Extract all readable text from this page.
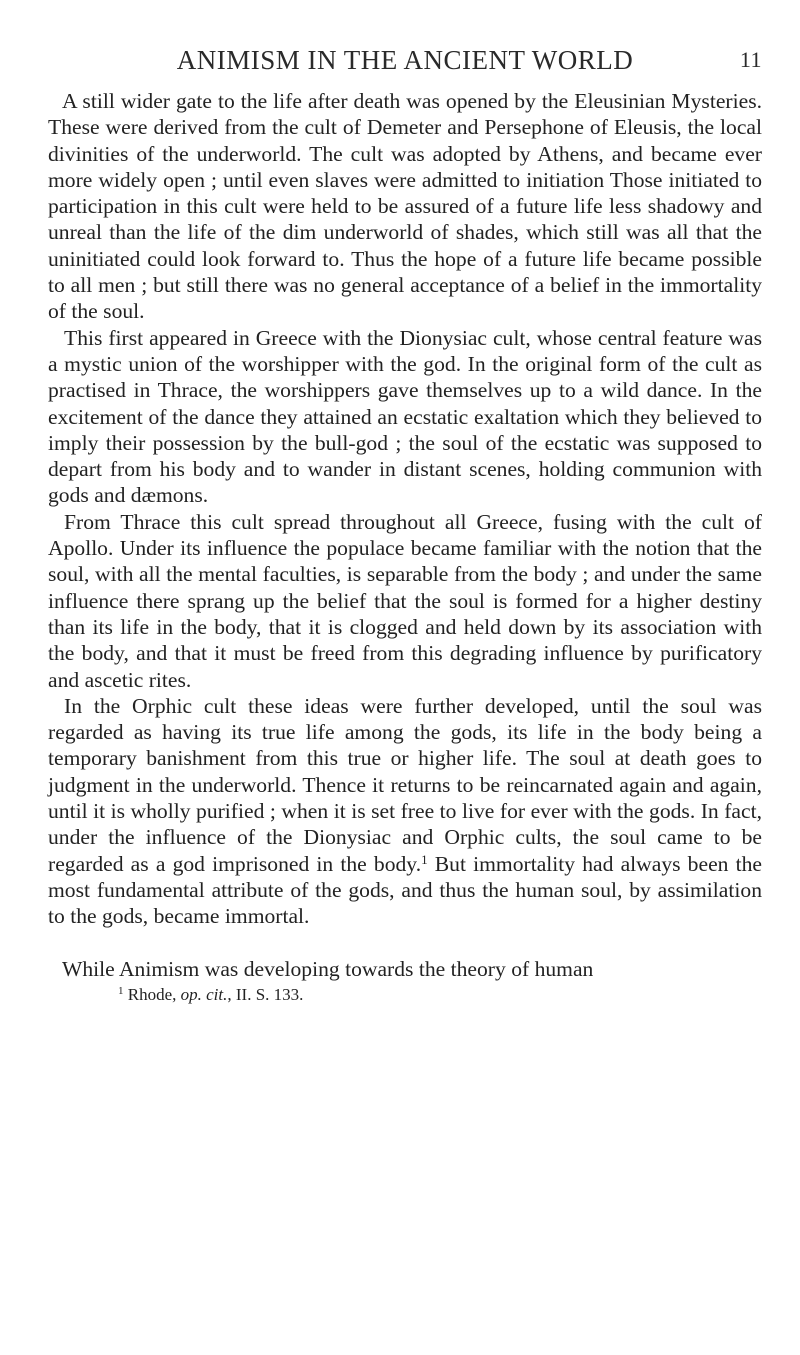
ANIMISM IN THE ANCIENT WORLD	11

A still wider gate to the life after death was opened by the Eleusinian Mysteries. These were derived from the cult of Demeter and Persephone of Eleusis, the local divinities of the underworld. The cult was adopted by Athens, and became ever more widely open ; until even slaves were admitted to initiation Those initiated to participation in this cult were held to be assured of a future life less shadowy and unreal than the life of the dim underworld of shades, which still was all that the uninitiated could look forward to. Thus the hope of a future life became possible to all men ; but still there was no general acceptance of a belief in the immortality of the soul.

This first appeared in Greece with the Dionysiac cult, whose central feature was a mystic union of the worshipper with the god. In the original form of the cult as practised in Thrace, the worshippers gave themselves up to a wild dance. In the excitement of the dance they attained an ecstatic exaltation which they believed to imply their possession by the bull-god ; the soul of the ecstatic was supposed to depart from his body and to wander in distant scenes, holding communion with gods and dæmons.

From Thrace this cult spread throughout all Greece, fusing with the cult of Apollo. Under its influence the populace became familiar with the notion that the soul, with all the mental faculties, is separable from the body ; and under the same influence there sprang up the belief that the soul is formed for a higher destiny than its life in the body, that it is clogged and held down by its association with the body, and that it must be freed from this degrading influence by purificatory and ascetic rites.

In the Orphic cult these ideas were further developed, until the soul was regarded as having its true life among the gods, its life in the body being a temporary banishment from this true or higher life. The soul at death goes to judgment in the underworld. Thence it returns to be reincarnated again and again, until it is wholly purified ; when it is set free to live for ever with the gods. In fact, under the influence of the Dionysiac and Orphic cults, the soul came to be regarded as a god imprisoned in the body.$^1$ But immortality had always been the most fundamental attribute of the gods, and thus the human soul, by assimilation to the gods, became immortal.

While Animism was developing towards the theory of human

$^1$ Rhode, op. cit., II. S. 133.
